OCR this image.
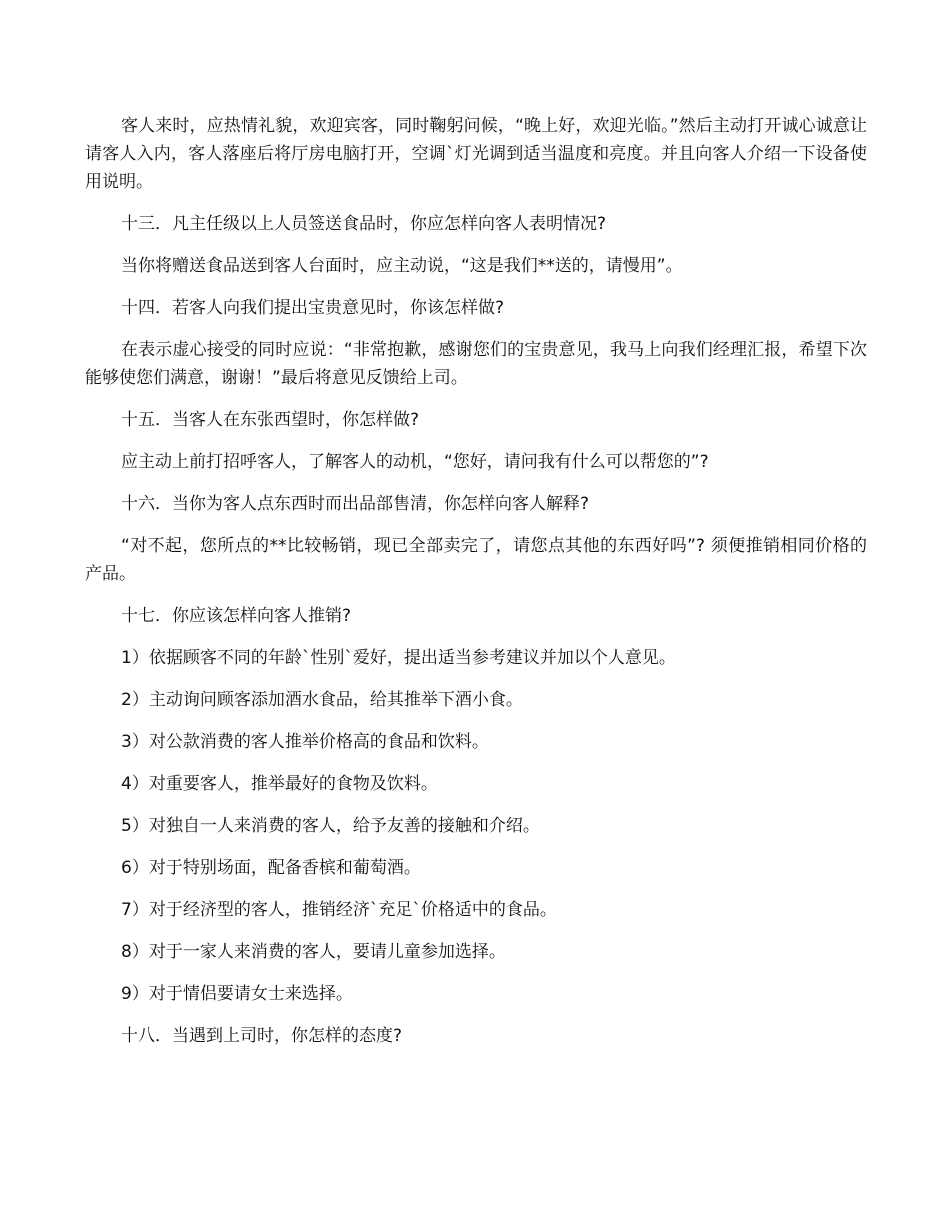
客人来时，应热情礼貌，欢迎宾客，同时鞠躬问候，“晚上好，欢迎光临。”然后主动打开诚心诚意让请客人入内，客人落座后将厅房电脑打开，空调`灯光调到适当温度和亮度。并且向客人介绍一下设备使用说明。

十三．凡主任级以上人员签送食品时，你应怎样向客人表明情况?

当你将赠送食品送到客人台面时，应主动说，“这是我们**送的，请慢用”。

十四．若客人向我们提出宝贵意见时，你该怎样做?

在表示虚心接受的同时应说：“非常抱歉，感谢您们的宝贵意见，我马上向我们经理汇报，希望下次能够使您们满意，谢谢！”最后将意见反馈给上司。

十五．当客人在东张西望时，你怎样做?

应主动上前打招呼客人，了解客人的动机，“您好，请问我有什么可以帮您的”?

十六．当你为客人点东西时而出品部售清，你怎样向客人解释?

“对不起，您所点的**比较畅销，现已全部卖完了，请您点其他的东西好吗”? 须便推销相同价格的产品。

十七．你应该怎样向客人推销?

1）依据顾客不同的年龄`性别`爱好，提出适当参考建议并加以个人意见。

2）主动询问顾客添加酒水食品，给其推举下酒小食。

3）对公款消费的客人推举价格高的食品和饮料。

4）对重要客人，推举最好的食物及饮料。

5）对独自一人来消费的客人，给予友善的接触和介绍。

6）对于特别场面，配备香槟和葡萄酒。

7）对于经济型的客人，推销经济`充足`价格适中的食品。

8）对于一家人来消费的客人，要请儿童参加选择。

9）对于情侣要请女士来选择。

十八．当遇到上司时，你怎样的态度?
